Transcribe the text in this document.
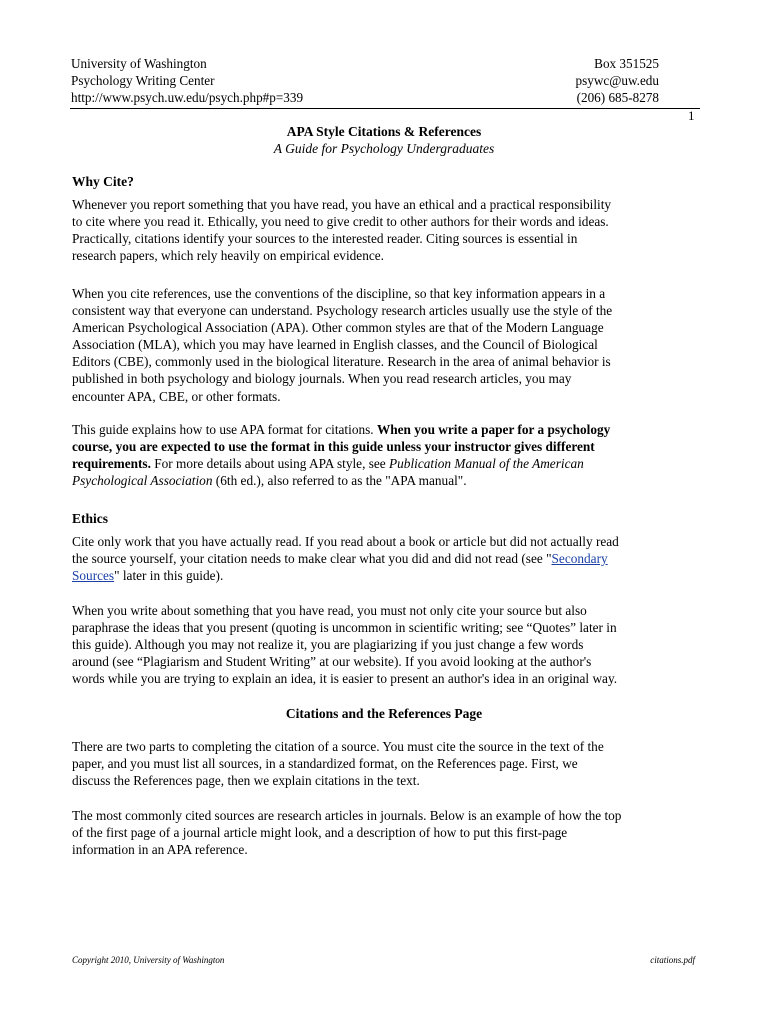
University of Washington
Psychology Writing Center
http://www.psych.uw.edu/psych.php#p=339
Box 351525
psywc@uw.edu
(206) 685-8278
1
APA Style Citations & References
A Guide for Psychology Undergraduates
Why Cite?

Whenever you report something that you have read, you have an ethical and a practical responsibility

to cite where you read it. Ethically, you need to give credit to other authors for their words and ideas.

Practically, citations identify your sources to the interested reader. Citing sources is essential in

research papers, which rely heavily on empirical evidence.

When you cite references, use the conventions of the discipline, so that key information appears in a

consistent way that everyone can understand. Psychology research articles usually use the style of the

American Psychological Association (APA). Other common styles are that of the Modern Language

Association (MLA), which you may have learned in English classes, and the Council of Biological

Editors (CBE), commonly used in the biological literature. Research in the area of animal behavior is

published in both psychology and biology journals. When you read research articles, you may

encounter APA, CBE, or other formats.

This guide explains how to use APA format for citations. When you write a paper for a psychology

course, you are expected to use the format in this guide unless your instructor gives different

requirements. For more details about using APA style, see Publication Manual of the American

Psychological Association (6th ed.), also referred to as the "APA manual".

Ethics

Cite only work that you have actually read. If you read about a book or article but did not actually read

the source yourself, your citation needs to make clear what you did and did not read (see "Secondary

Sources" later in this guide).

When you write about something that you have read, you must not only cite your source but also

paraphrase the ideas that you present (quoting is uncommon in scientific writing; see “Quotes” later in

this guide). Although you may not realize it, you are plagiarizing if you just change a few words

around (see “Plagiarism and Student Writing” at our website). If you avoid looking at the author's

words while you are trying to explain an idea, it is easier to present an author's idea in an original way.

Citations and the References Page

There are two parts to completing the citation of a source. You must cite the source in the text of the

paper, and you must list all sources, in a standardized format, on the References page. First, we

discuss the References page, then we explain citations in the text.

The most commonly cited sources are research articles in journals. Below is an example of how the top

of the first page of a journal article might look, and a description of how to put this first-page

information in an APA reference.

Copyright 2010, University of Washington	citations.pdf
